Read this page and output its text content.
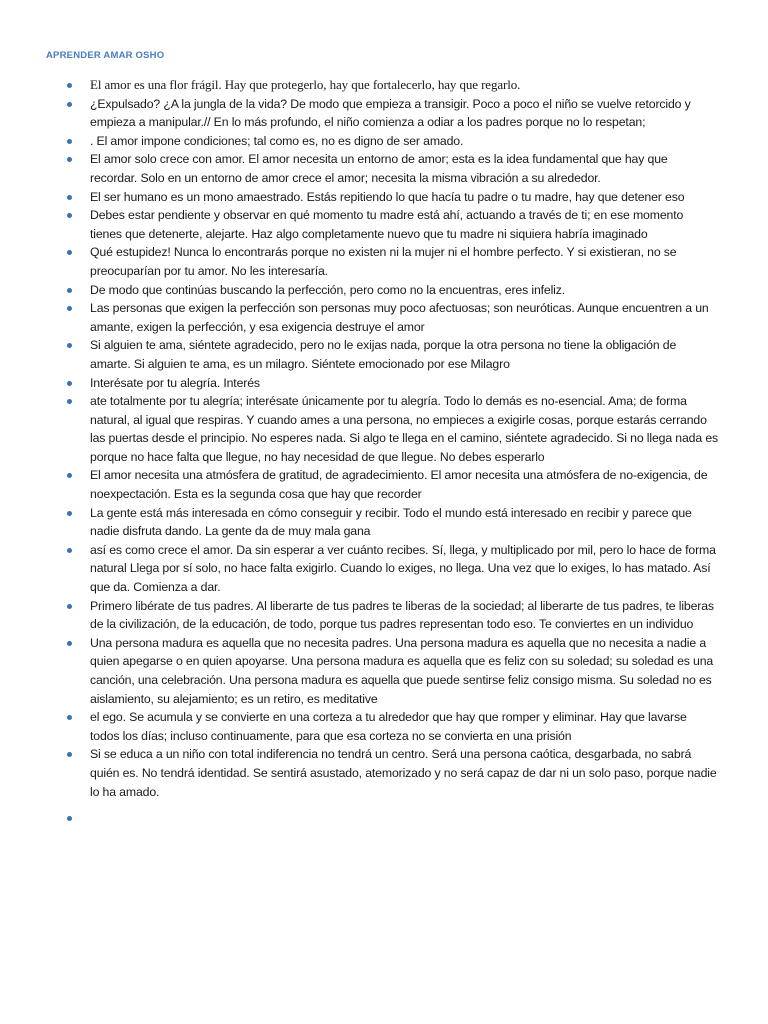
APRENDER AMAR OSHO
El amor es una flor frágil. Hay que protegerlo, hay que fortalecerlo, hay que regarlo.
¿Expulsado? ¿A la jungla de la vida? De modo que empieza a transigir. Poco a poco el niño se vuelve retorcido y empieza a manipular.// En lo más profundo, el niño comienza a odiar a los padres porque no lo respetan;
. El amor impone condiciones; tal como es, no es digno de ser amado.
El amor solo crece con amor. El amor necesita un entorno de amor; esta es la idea fundamental que hay que recordar. Solo en un entorno de amor crece el amor; necesita la misma vibración a su alrededor.
El ser humano es un mono amaestrado. Estás repitiendo lo que hacía tu padre o tu madre, hay que detener eso
Debes estar pendiente y observar en qué momento tu madre está ahí, actuando a través de ti; en ese momento tienes que detenerte, alejarte. Haz algo completamente nuevo que tu madre ni siquiera habría imaginado
Qué estupidez! Nunca lo encontrarás porque no existen ni la mujer ni el hombre perfecto. Y si existieran, no se preocuparían por tu amor. No les interesaría.
De modo que continúas buscando la perfección, pero como no la encuentras, eres infeliz.
Las personas que exigen la perfección son personas muy poco afectuosas; son neuróticas. Aunque encuentren a un amante, exigen la perfección, y esa exigencia destruye el amor
Si alguien te ama, siéntete agradecido, pero no le exijas nada, porque la otra persona no tiene la obligación de amarte. Si alguien te ama, es un milagro. Siéntete emocionado por ese Milagro
Interésate por tu alegría. Interés
ate totalmente por tu alegría; interésate únicamente por tu alegría. Todo lo demás es no-esencial. Ama; de forma natural, al igual que respiras. Y cuando ames a una persona, no empieces a exigirle cosas, porque estarás cerrando las puertas desde el principio. No esperes nada. Si algo te llega en el camino, siéntete agradecido. Si no llega nada es porque no hace falta que llegue, no hay necesidad de que llegue. No debes esperarlo
El amor necesita una atmósfera de gratitud, de agradecimiento. El amor necesita una atmósfera de no-exigencia, de noexpectación. Esta es la segunda cosa que hay que recorder
La gente está más interesada en cómo conseguir y recibir. Todo el mundo está interesado en recibir y parece que nadie disfruta dando. La gente da de muy mala gana
así es como crece el amor. Da sin esperar a ver cuánto recibes. Sí, llega, y multiplicado por mil, pero lo hace de forma natural Llega por sí solo, no hace falta exigirlo. Cuando lo exiges, no llega. Una vez que lo exiges, lo has matado. Así que da. Comienza a dar.
Primero libérate de tus padres. Al liberarte de tus padres te liberas de la sociedad; al liberarte de tus padres, te liberas de la civilización, de la educación, de todo, porque tus padres representan todo eso. Te conviertes en un individuo
Una persona madura es aquella que no necesita padres. Una persona madura es aquella que no necesita a nadie a quien apegarse o en quien apoyarse. Una persona madura es aquella que es feliz con su soledad; su soledad es una canción, una celebración. Una persona madura es aquella que puede sentirse feliz consigo misma. Su soledad no es aislamiento, su alejamiento; es un retiro, es meditative
el ego. Se acumula y se convierte en una corteza a tu alrededor que hay que romper y eliminar. Hay que lavarse todos los días; incluso continuamente, para que esa corteza no se convierta en una prisión
Si se educa a un niño con total indiferencia no tendrá un centro. Será una persona caótica, desgarbada, no sabrá quién es. No tendrá identidad. Se sentirá asustado, atemorizado y no será capaz de dar ni un solo paso, porque nadie lo ha amado.
